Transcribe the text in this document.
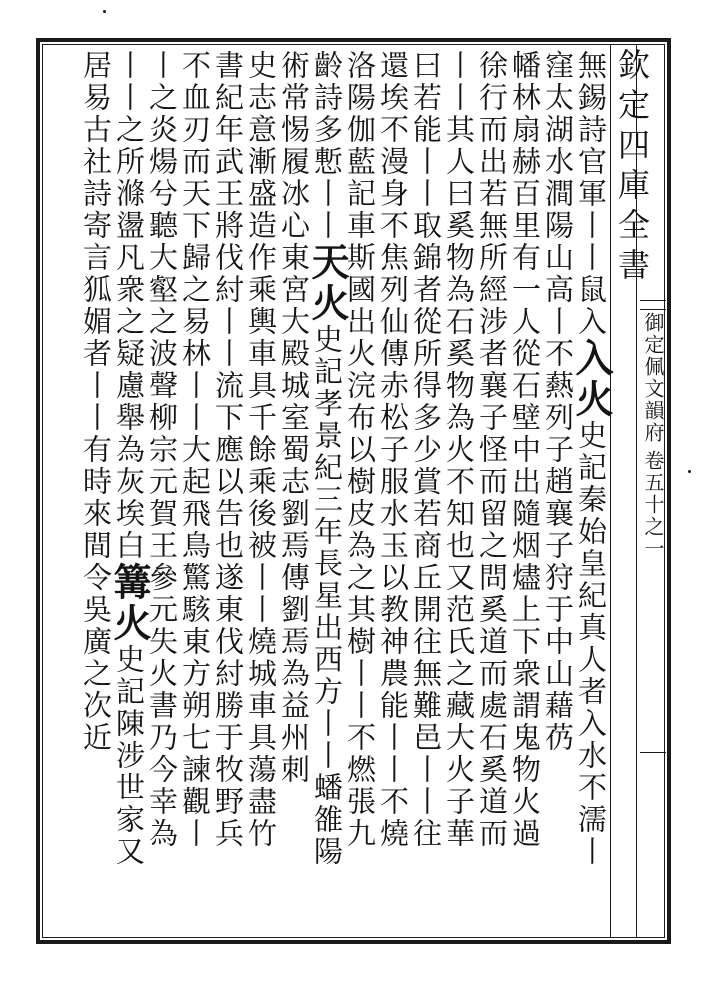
欽定四庫全書
御定佩文韻府
卷五十之一
無錫詩官軍丨丨鼠入入火史記秦始皇紀真人者入水不濡丨
窪太湖水澗陽山高丨不爇列子趙襄子狩于中山藉芿
幡林扇赫百里有一人從石壁中出隨烟燼上下衆謂鬼物火過
徐行而出若無所經涉者襄子怪而留之問奚道而處石奚道而
丨丨其人曰奚物為石奚物為火不知也又范氏之藏大火子華
曰若能丨丨取錦者從所得多少賞若商丘開往無難邑丨丨往
還埃不漫身不焦列仙傳赤松子服水玉以教神農能丨丨不燒
洛陽伽藍記車斯國出火浣布以樹皮為之其樹丨丨不燃張九
齡詩多慙丨丨天火史記孝景紀三年長星出西方丨丨蟠雒陽
術常惕履冰心東宮大殿城室蜀志劉焉傳劉焉為益州刺
史志意漸盛造作乘輿車具千餘乘後被丨丨燒城車具蕩盡竹
書紀年武王將伐紂丨丨流下應以告也遂東伐紂勝于牧野兵
不血刃而天下歸之易林丨丨大起飛鳥驚駭東方朔七諫觀丨
丨之炎煬兮聽大壑之波聲柳宗元賀王參元失火書乃今幸為
丨丨之所滌盪凡衆之疑慮舉為灰埃白篝火史記陳涉世家又
居易古社詩寄言狐媚者丨丨有時來間令吳廣之次近
